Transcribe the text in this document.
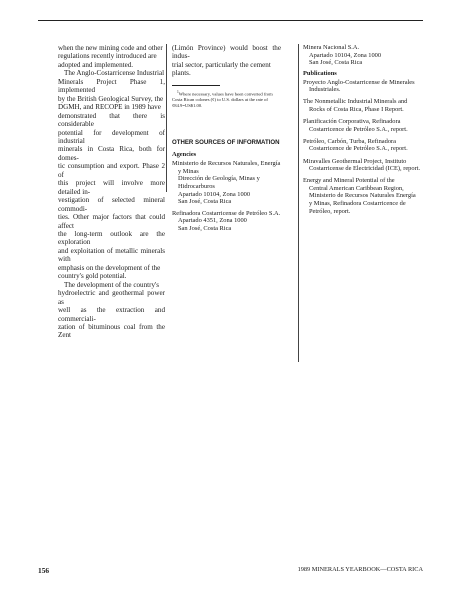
when the new mining code and other
regulations recently introduced are
adopted and implemented.

The Anglo-Costarricense Industrial
Minerals Project Phase 1, implemented
by the British Geological Survey, the
DGMH, and RECOPE in 1989 have
demonstrated that there is considerable
potential for development of industrial
minerals in Costa Rica, both for domes-
tic consumption and export. Phase 2 of
this project will involve more detailed in-
vestigation of selected mineral commodi-
ties. Other major factors that could affect
the long-term outlook are the exploration
and exploitation of metallic minerals with
emphasis on the development of the
country's gold potential.

The development of the country's
hydroelectric and geothermal power as
well as the extraction and commerciali-
zation of bituminous coal from the Zent

(Limón Province) would boost the indus-
trial sector, particularly the cement
plants.
$^1$Where necessary, values have been converted from
Costa Rican colones (¢) to U.S. dollars at the rate of
¢84.9=US$1.00.
OTHER SOURCES OF INFORMATION
Agencies
Ministerio de Recursos Naturales, Energía
y Minas
Dirección de Geología, Minas y
Hidrocarburos
Apartado 10104, Zona 1000
San José, Costa Rica
Refinadora Costarricense de Petróleo S.A.
Apartado 4351, Zona 1000
San José, Costa Rica
Minera Nacional S.A.
Apartado 10104, Zona 1000
San José, Costa Rica
Publications
Proyecto Anglo-Costarricense de Minerales
Industriales.
The Nonmetallic Industrial Minerals and
Rocks of Costa Rica, Phase I Report.
Planificación Corporativa, Refinadora
Costarricence de Petróleo S.A., report.
Petróleo, Carbón, Turba, Refinadora
Costarricence de Petróleo S.A., report.
Miravalles Geothermal Project, Instituto
Costarricense de Electricidad (ICE), report.
Energy and Mineral Potential of the
Central American Caribbean Region,
Ministerio de Recursos Naturales Energía
y Minas, Refinadora Costarricence de
Petróleo, report.
156	1989 MINERALS YEARBOOK—COSTA RICA
